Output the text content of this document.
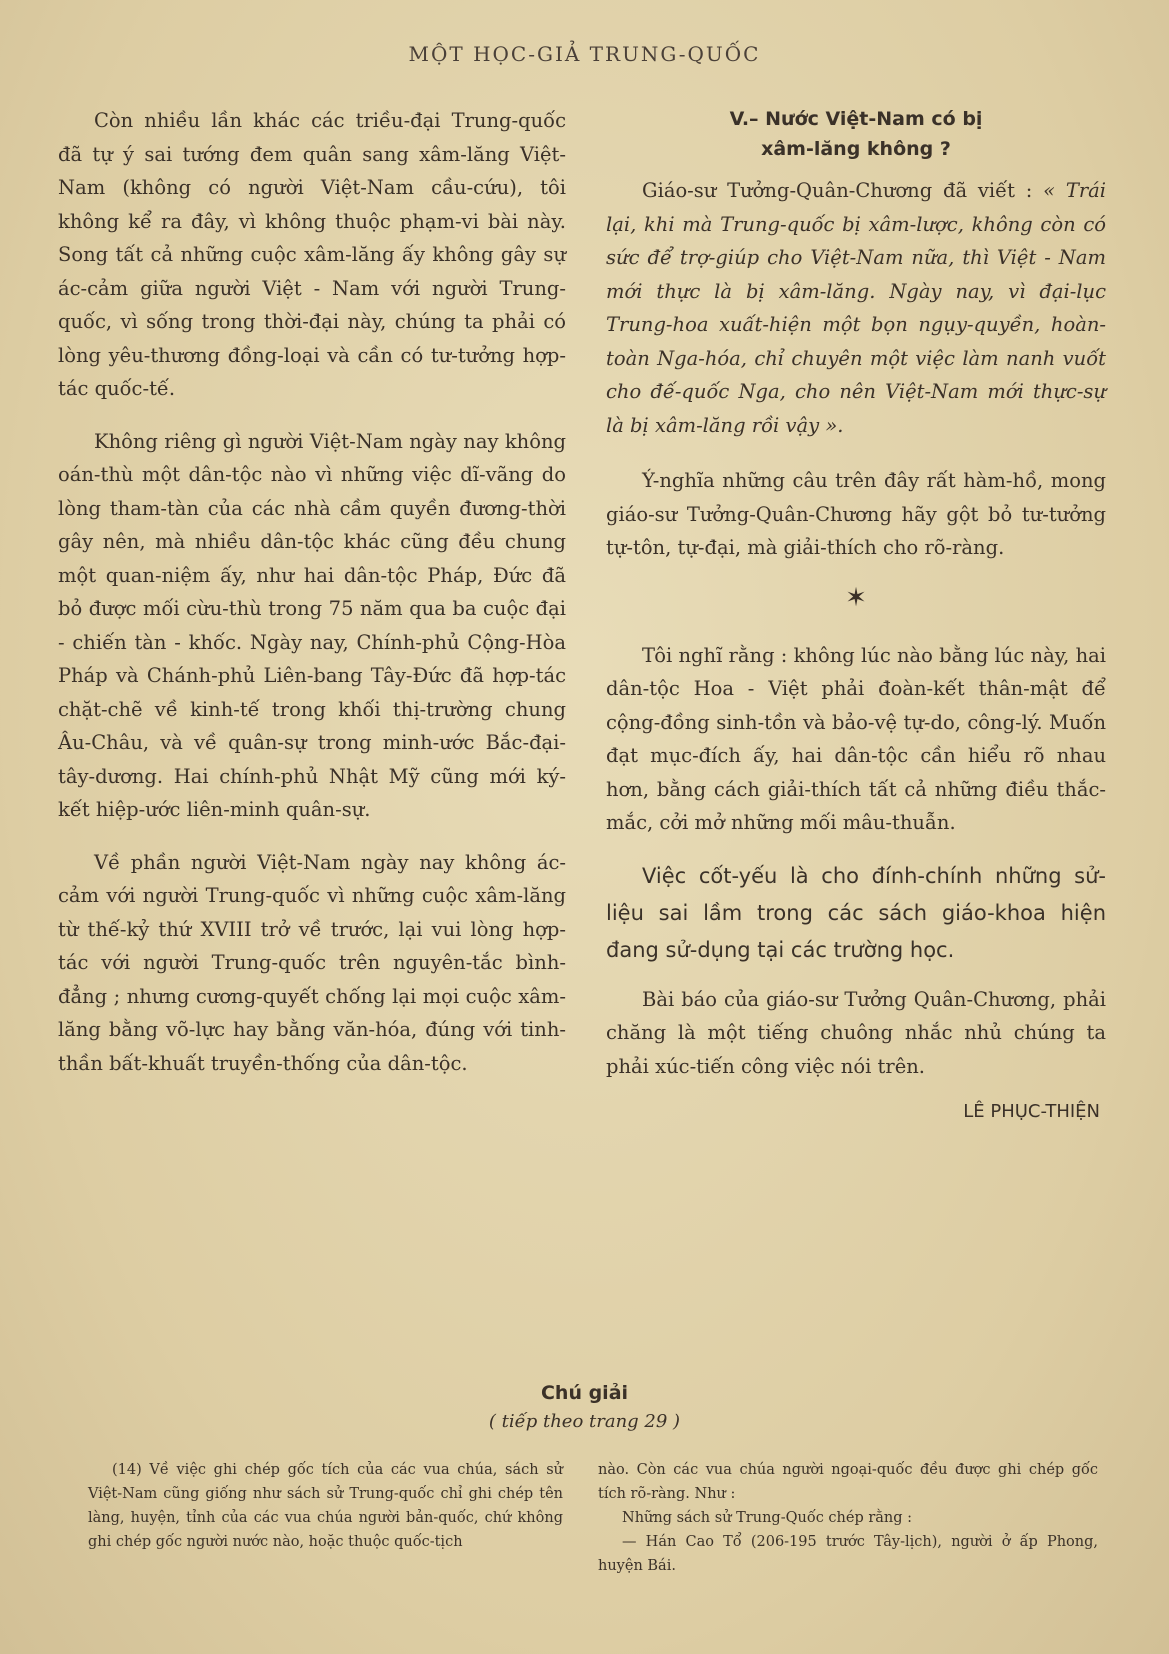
MỘT HỌC-GIẢ TRUNG-QUỐC

Còn nhiều lần khác các triều-đại Trung-quốc đã tự ý sai tướng đem quân sang xâm-lăng Việt-Nam (không có người Việt-Nam cầu-cứu), tôi không kể ra đây, vì không thuộc phạm-vi bài này. Song tất cả những cuộc xâm-lăng ấy không gây sự ác-cảm giữa người Việt - Nam với người Trung-quốc, vì sống trong thời-đại này, chúng ta phải có lòng yêu-thương đồng-loại và cần có tư-tưởng hợp-tác quốc-tế.

Không riêng gì người Việt-Nam ngày nay không oán-thù một dân-tộc nào vì những việc dĩ-vãng do lòng tham-tàn của các nhà cầm quyền đương-thời gây nên, mà nhiều dân-tộc khác cũng đều chung một quan-niệm ấy, như hai dân-tộc Pháp, Đức đã bỏ được mối cừu-thù trong 75 năm qua ba cuộc đại - chiến tàn - khốc. Ngày nay, Chính-phủ Cộng-Hòa Pháp và Chánh-phủ Liên-bang Tây-Đức đã hợp-tác chặt-chẽ về kinh-tế trong khối thị-trường chung Âu-Châu, và về quân-sự trong minh-ước Bắc-đại-tây-dương. Hai chính-phủ Nhật Mỹ cũng mới ký-kết hiệp-ước liên-minh quân-sự.

Về phần người Việt-Nam ngày nay không ác-cảm với người Trung-quốc vì những cuộc xâm-lăng từ thế-kỷ thứ XVIII trở về trước, lại vui lòng hợp-tác với người Trung-quốc trên nguyên-tắc bình-đẳng ; nhưng cương-quyết chống lại mọi cuộc xâm-lăng bằng võ-lực hay bằng văn-hóa, đúng với tinh-thần bất-khuất truyền-thống của dân-tộc.

V.– Nước Việt-Nam có bị
xâm-lăng không ?

Giáo-sư Tưởng-Quân-Chương đã viết : « Trái lại, khi mà Trung-quốc bị xâm-lược, không còn có sức để trợ-giúp cho Việt-Nam nữa, thì Việt - Nam mới thực là bị xâm-lăng. Ngày nay, vì đại-lục Trung-hoa xuất-hiện một bọn ngụy-quyền, hoàn-toàn Nga-hóa, chỉ chuyên một việc làm nanh vuốt cho đế-quốc Nga, cho nên Việt-Nam mới thực-sự là bị xâm-lăng rồi vậy ».

Ý-nghĩa những câu trên đây rất hàm-hồ, mong giáo-sư Tưởng-Quân-Chương hãy gột bỏ tư-tưởng tự-tôn, tự-đại, mà giải-thích cho rõ-ràng.

✶

Tôi nghĩ rằng : không lúc nào bằng lúc này, hai dân-tộc Hoa - Việt phải đoàn-kết thân-mật để cộng-đồng sinh-tồn và bảo-vệ tự-do, công-lý. Muốn đạt mục-đích ấy, hai dân-tộc cần hiểu rõ nhau hơn, bằng cách giải-thích tất cả những điều thắc-mắc, cởi mở những mối mâu-thuẫn.

Việc cốt-yếu là cho đính-chính những sử-liệu sai lầm trong các sách giáo-khoa hiện đang sử-dụng tại các trường học.

Bài báo của giáo-sư Tưởng Quân-Chương, phải chăng là một tiếng chuông nhắc nhủ chúng ta phải xúc-tiến công việc nói trên.

LÊ PHỤC-THIỆN
Chú giải
( tiếp theo trang 29 )

(14) Về việc ghi chép gốc tích của các vua chúa, sách sử Việt-Nam cũng giống như sách sử Trung-quốc chỉ ghi chép tên làng, huyện, tỉnh của các vua chúa người bản-quốc, chứ không ghi chép gốc người nước nào, hoặc thuộc quốc-tịch

nào. Còn các vua chúa người ngoại-quốc đều được ghi chép gốc tích rõ-ràng. Như :

Những sách sử Trung-Quốc chép rằng :

— Hán Cao Tổ (206-195 trước Tây-lịch), người ở ấp Phong, huyện Bái.
